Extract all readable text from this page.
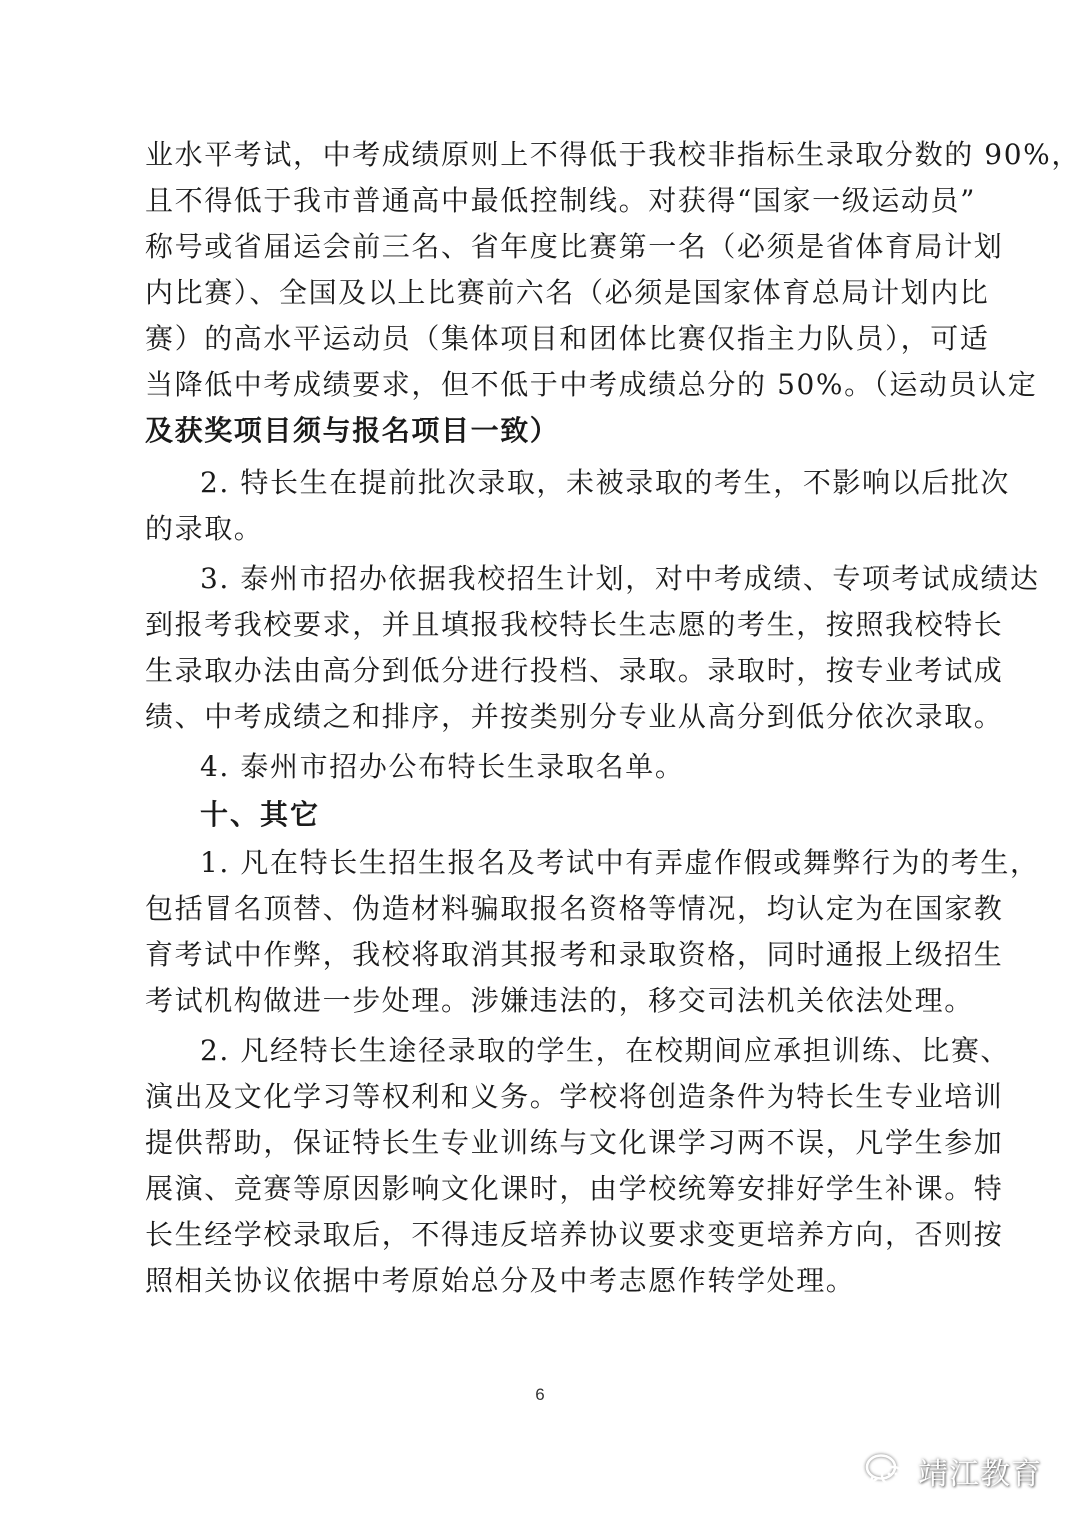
业水平考试，中考成绩原则上不得低于我校非指标生录取分数的 90%，
且不得低于我市普通高中最低控制线。对获得“国家一级运动员”
称号或省届运会前三名、省年度比赛第一名（必须是省体育局计划
内比赛）、全国及以上比赛前六名（必须是国家体育总局计划内比
赛）的高水平运动员（集体项目和团体比赛仅指主力队员），可适
当降低中考成绩要求，但不低于中考成绩总分的 50%。（运动员认定
及获奖项目须与报名项目一致）
2. 特长生在提前批次录取，未被录取的考生，不影响以后批次
的录取。
3. 泰州市招办依据我校招生计划，对中考成绩、专项考试成绩达
到报考我校要求，并且填报我校特长生志愿的考生，按照我校特长
生录取办法由高分到低分进行投档、录取。录取时，按专业考试成
绩、中考成绩之和排序，并按类别分专业从高分到低分依次录取。
4. 泰州市招办公布特长生录取名单。
十、其它
1. 凡在特长生招生报名及考试中有弄虚作假或舞弊行为的考生，
包括冒名顶替、伪造材料骗取报名资格等情况，均认定为在国家教
育考试中作弊，我校将取消其报考和录取资格，同时通报上级招生
考试机构做进一步处理。涉嫌违法的，移交司法机关依法处理。
2. 凡经特长生途径录取的学生，在校期间应承担训练、比赛、
演出及文化学习等权利和义务。学校将创造条件为特长生专业培训
提供帮助，保证特长生专业训练与文化课学习两不误，凡学生参加
展演、竞赛等原因影响文化课时，由学校统筹安排好学生补课。特
长生经学校录取后，不得违反培养协议要求变更培养方向，否则按
照相关协议依据中考原始总分及中考志愿作转学处理。
6
靖江教育
